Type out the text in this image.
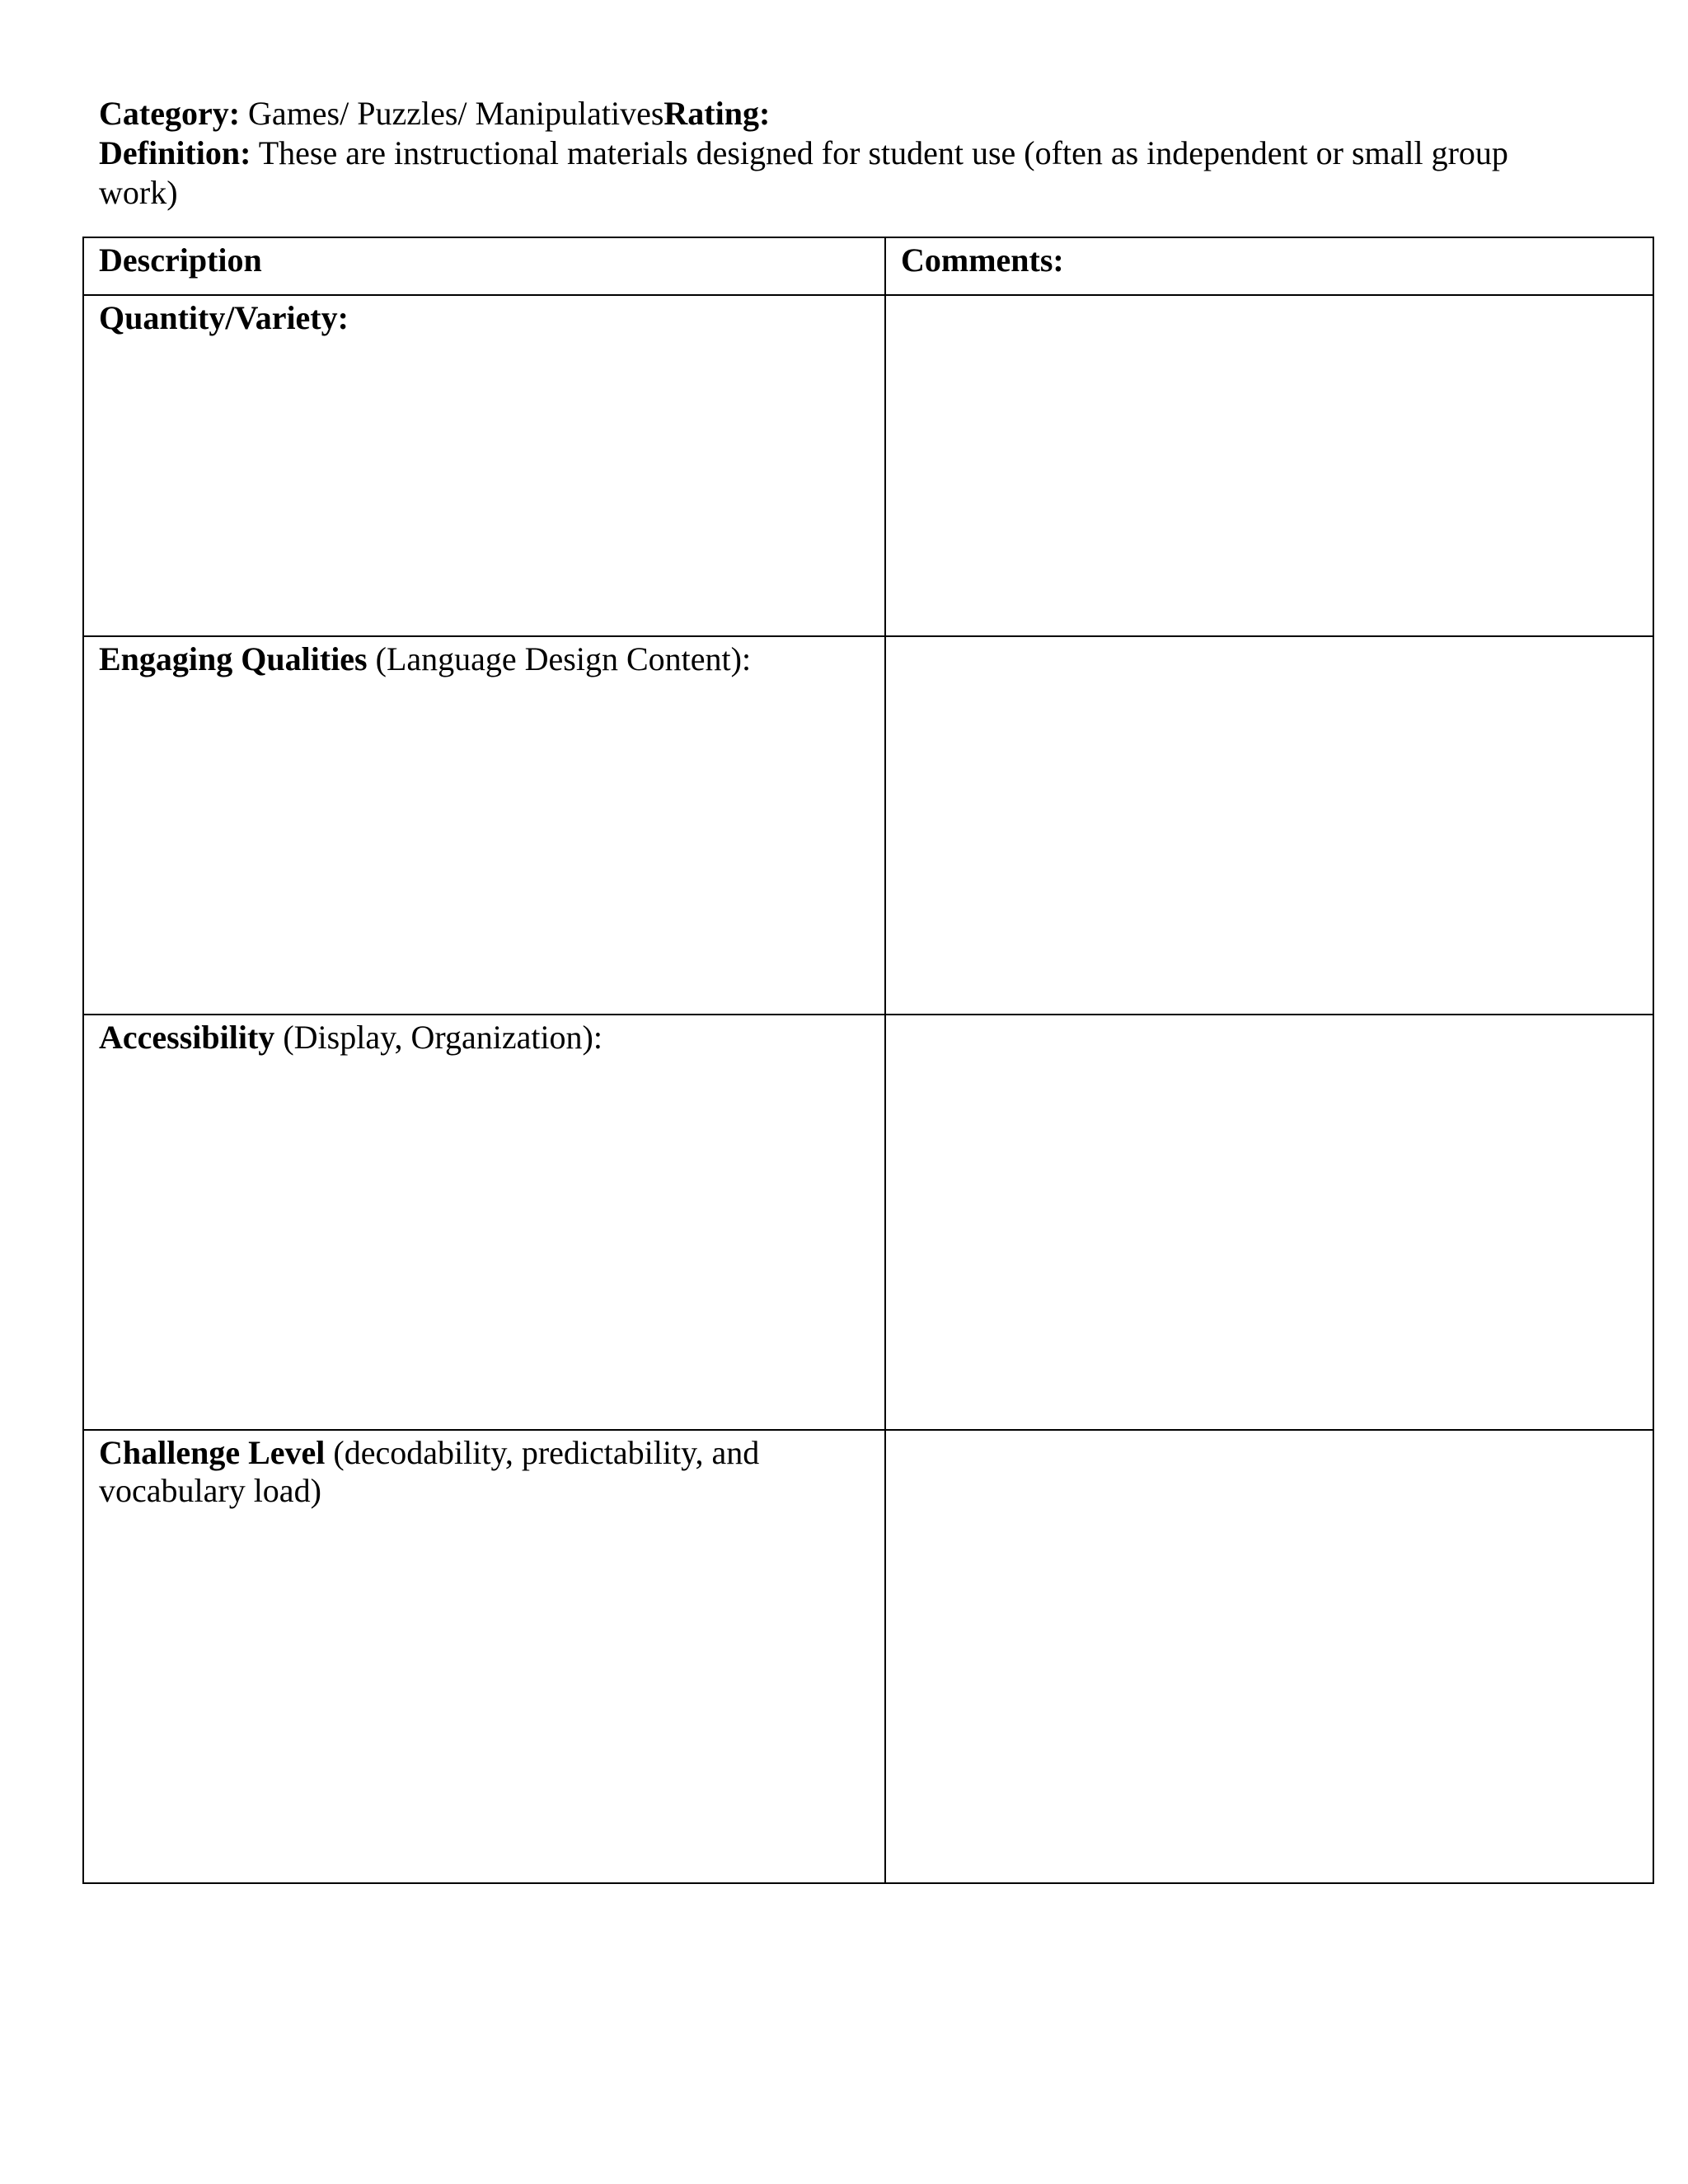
Category: Games/ Puzzles/ ManipulativesRating:

Definition: These are instructional materials designed for student use (often as independent or small group work)

Description	Comments:
Quantity/Variety:	
Engaging Qualities (Language Design Content):	
Accessibility (Display, Organization):	
Challenge Level (decodability, predictability, and vocabulary load)	
